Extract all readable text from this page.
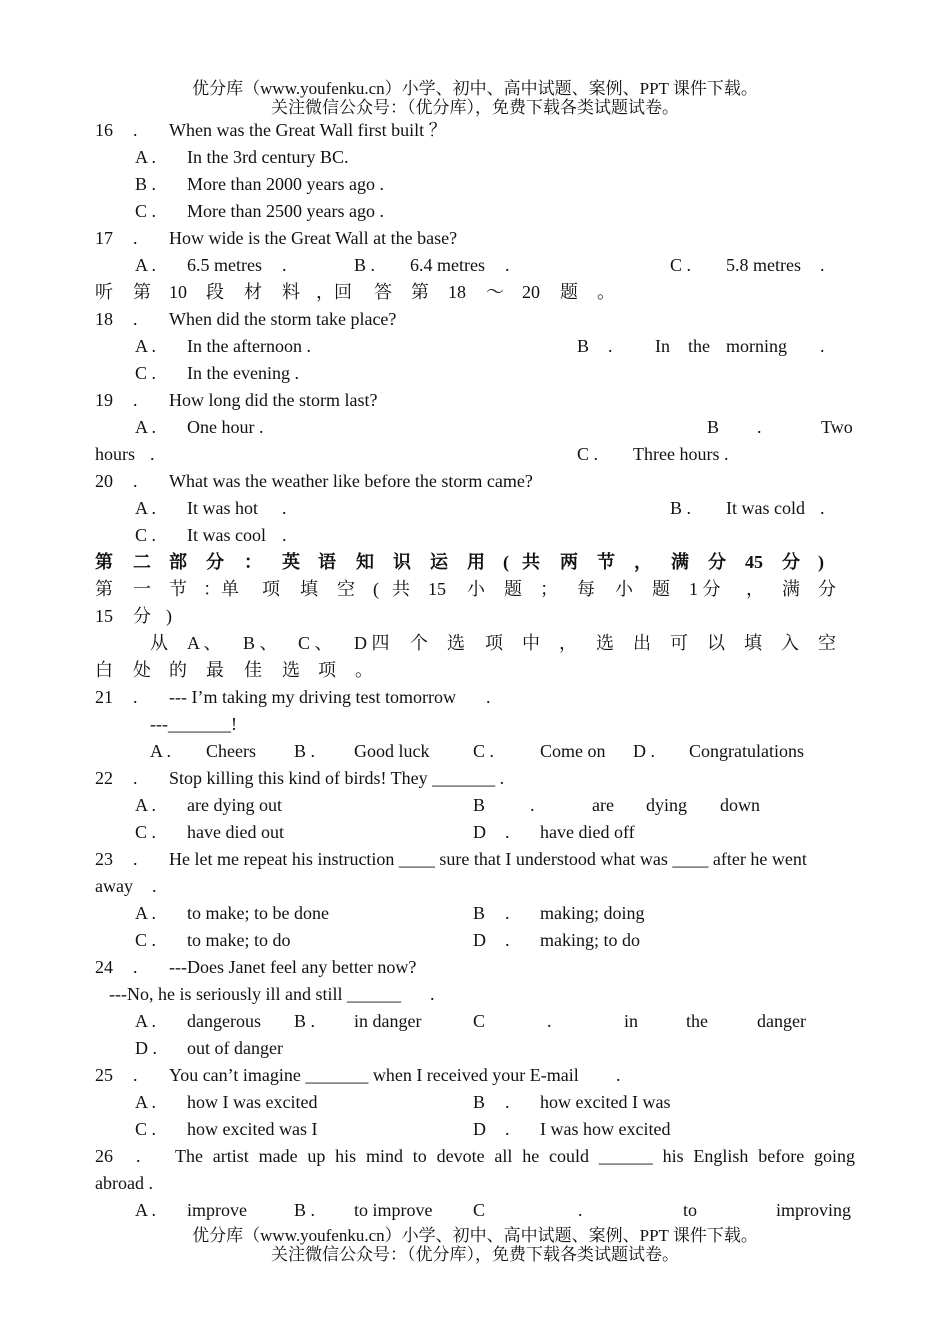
优分库（www.youfenku.cn）小学、初中、高中试题、案例、PPT 课件下载。
关注微信公众号：（优分库），免费下载各类试题试卷。
16 . When was the Great Wall first built ？
A . In the 3rd century BC.
B . More than 2000 years ago .
C . More than 2500 years ago .
17 . How wide is the Great Wall at the base?
A . 6.5 metres .	B . 6.4 metres .	C . 5.8 metres .
听 第 10 段 材 料 ，回 答 第 18 ～ 20 题 。
18 . When did the storm take place?
A . In the afternoon .	B . In the morning .
C . In the evening .
19 . How long did the storm last?
A . One hour .	B .	Two
hours .	C . Three hours .
20 . What was the weather like before the storm came?
A . It was hot .	B . It was cold .
C . It was cool .
第 二 部 分 ： 英 语 知 识 运 用 ( 共 两 节 ， 满 分 45 分 )
第 一 节 ：单 项 填 空 ( 共 15 小 题 ； 每 小 题 1 分 ， 满 分
15 分 )
从 A 、 B 、 C 、 D 四 个 选 项 中 ， 选 出 可 以 填 入 空
白 处 的 最 佳 选 项 。
21 . --- I’m taking my driving test tomorrow .
---_______!
A . Cheers B . Good luck C .	Come on D . Congratulations
22 . Stop killing this kind of birds! They _______ .
A . are dying out	B .	are dying down
C . have died out	D . have died off
23 . He let me repeat his instruction ____ sure that I understood what was ____ after he went
away .
A . to make; to be done	B . making; doing
C . to make; to do	D . making; to do
24 . ---Does Janet feel any better now?
---No, he is seriously ill and still ______ .
A . dangerous B . in danger	C	.	in	the	danger
D . out of danger
25 . You can’t imagine _______ when I received your E-mail .
A . how I was excited	B . how excited I was
C . how excited was I	D . I was how excited
26 . The artist made up his mind to devote all he could ______ his English before going
abroad .
A . improve	B . to improve C	.	to	improving
优分库（www.youfenku.cn）小学、初中、高中试题、案例、PPT 课件下载。
关注微信公众号：（优分库），免费下载各类试题试卷。
